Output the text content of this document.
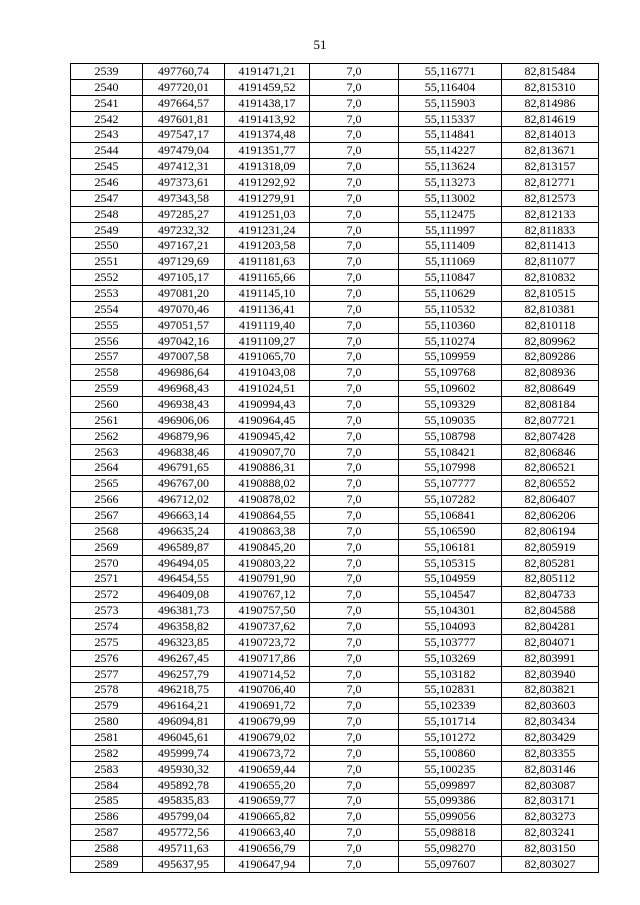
51
2539	497760,74	4191471,21	7,0	55,116771	82,815484
2540	497720,01	4191459,52	7,0	55,116404	82,815310
2541	497664,57	4191438,17	7,0	55,115903	82,814986
2542	497601,81	4191413,92	7,0	55,115337	82,814619
2543	497547,17	4191374,48	7,0	55,114841	82,814013
2544	497479,04	4191351,77	7,0	55,114227	82,813671
2545	497412,31	4191318,09	7,0	55,113624	82,813157
2546	497373,61	4191292,92	7,0	55,113273	82,812771
2547	497343,58	4191279,91	7,0	55,113002	82,812573
2548	497285,27	4191251,03	7,0	55,112475	82,812133
2549	497232,32	4191231,24	7,0	55,111997	82,811833
2550	497167,21	4191203,58	7,0	55,111409	82,811413
2551	497129,69	4191181,63	7,0	55,111069	82,811077
2552	497105,17	4191165,66	7,0	55,110847	82,810832
2553	497081,20	4191145,10	7,0	55,110629	82,810515
2554	497070,46	4191136,41	7,0	55,110532	82,810381
2555	497051,57	4191119,40	7,0	55,110360	82,810118
2556	497042,16	4191109,27	7,0	55,110274	82,809962
2557	497007,58	4191065,70	7,0	55,109959	82,809286
2558	496986,64	4191043,08	7,0	55,109768	82,808936
2559	496968,43	4191024,51	7,0	55,109602	82,808649
2560	496938,43	4190994,43	7,0	55,109329	82,808184
2561	496906,06	4190964,45	7,0	55,109035	82,807721
2562	496879,96	4190945,42	7,0	55,108798	82,807428
2563	496838,46	4190907,70	7,0	55,108421	82,806846
2564	496791,65	4190886,31	7,0	55,107998	82,806521
2565	496767,00	4190888,02	7,0	55,107777	82,806552
2566	496712,02	4190878,02	7,0	55,107282	82,806407
2567	496663,14	4190864,55	7,0	55,106841	82,806206
2568	496635,24	4190863,38	7,0	55,106590	82,806194
2569	496589,87	4190845,20	7,0	55,106181	82,805919
2570	496494,05	4190803,22	7,0	55,105315	82,805281
2571	496454,55	4190791,90	7,0	55,104959	82,805112
2572	496409,08	4190767,12	7,0	55,104547	82,804733
2573	496381,73	4190757,50	7,0	55,104301	82,804588
2574	496358,82	4190737,62	7,0	55,104093	82,804281
2575	496323,85	4190723,72	7,0	55,103777	82,804071
2576	496267,45	4190717,86	7,0	55,103269	82,803991
2577	496257,79	4190714,52	7,0	55,103182	82,803940
2578	496218,75	4190706,40	7,0	55,102831	82,803821
2579	496164,21	4190691,72	7,0	55,102339	82,803603
2580	496094,81	4190679,99	7,0	55,101714	82,803434
2581	496045,61	4190679,02	7,0	55,101272	82,803429
2582	495999,74	4190673,72	7,0	55,100860	82,803355
2583	495930,32	4190659,44	7,0	55,100235	82,803146
2584	495892,78	4190655,20	7,0	55,099897	82,803087
2585	495835,83	4190659,77	7,0	55,099386	82,803171
2586	495799,04	4190665,82	7,0	55,099056	82,803273
2587	495772,56	4190663,40	7,0	55,098818	82,803241
2588	495711,63	4190656,79	7,0	55,098270	82,803150
2589	495637,95	4190647,94	7,0	55,097607	82,803027
